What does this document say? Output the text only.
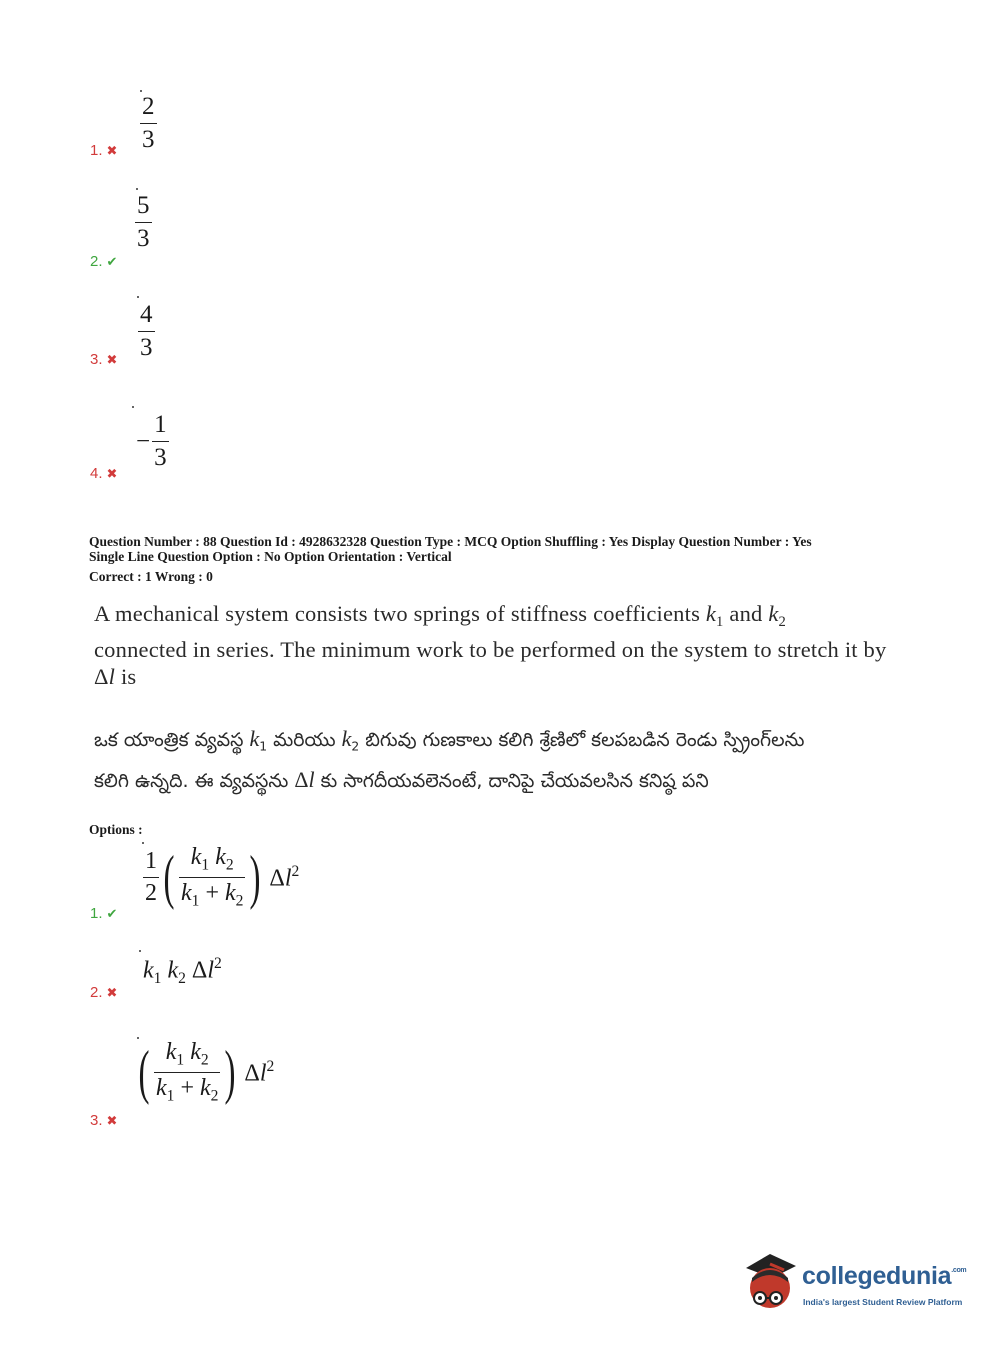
2
3
1. ✖
5
3
2. ✔
4
3
3. ✖
− $\frac{1}{3}$
4. ✖
Question Number : 88 Question Id : 4928632328 Question Type : MCQ Option Shuffling : Yes Display Question Number : Yes
Single Line Question Option : No Option Orientation : Vertical
Correct : 1 Wrong : 0
A mechanical system consists two springs of stiffness coefficients $k_1$ and $k_2$
connected in series. The minimum work to be performed on the system to stretch it by
Δl is
ఒక యాంత్రిక వ్యవస్థ $k_1$ మరియు $k_2$ బిగువు గుణకాలు కలిగి శ్రేణిలో కలపబడిన రెండు స్ప్రింగ్‌లను
కలిగి ఉన్నది. ఈ వ్యవస్థను Δl కు సాగదీయవలెనంటే, దానిపై చేయవలసిన కనిష్ఠ పని
Options :
$\frac{1}{2}$ ( $\frac{k_1 k_2}{k_1 + k_2}$ ) $\Delta l^2$
1. ✔
$k_1$ $k_2$ $\Delta l^2$
2. ✖
( $\frac{k_1 k_2}{k_1 + k_2}$ ) $\Delta l^2$
3. ✖
collegedunia$^{.com}$
India's largest Student Review Platform
